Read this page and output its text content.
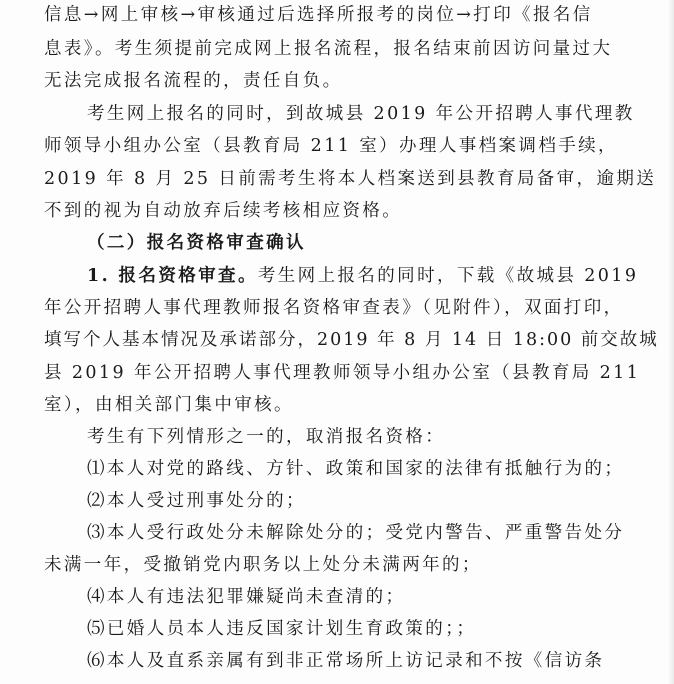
信息→网上审核→审核通过后选择所报考的岗位→打印《报名信
息表》。考生须提前完成网上报名流程，报名结束前因访问量过大
无法完成报名流程的，责任自负。
考生网上报名的同时，到故城县 2019 年公开招聘人事代理教
师领导小组办公室（县教育局 211 室）办理人事档案调档手续，
2019 年 8 月 25 日前需考生将本人档案送到县教育局备审，逾期送
不到的视为自动放弃后续考核相应资格。
（二）报名资格审查确认
1. 报名资格审查。考生网上报名的同时，下载《故城县 2019
年公开招聘人事代理教师报名资格审查表》（见附件），双面打印，
填写个人基本情况及承诺部分，2019 年 8 月 14 日 18:00 前交故城
县 2019 年公开招聘人事代理教师领导小组办公室（县教育局 211
室），由相关部门集中审核。
考生有下列情形之一的，取消报名资格：
⑴本人对党的路线、方针、政策和国家的法律有抵触行为的；
⑵本人受过刑事处分的；
⑶本人受行政处分未解除处分的；受党内警告、严重警告处分
未满一年，受撤销党内职务以上处分未满两年的；
⑷本人有违法犯罪嫌疑尚未查清的；
⑸已婚人员本人违反国家计划生育政策的；；
⑹本人及直系亲属有到非正常场所上访记录和不按《信访条
